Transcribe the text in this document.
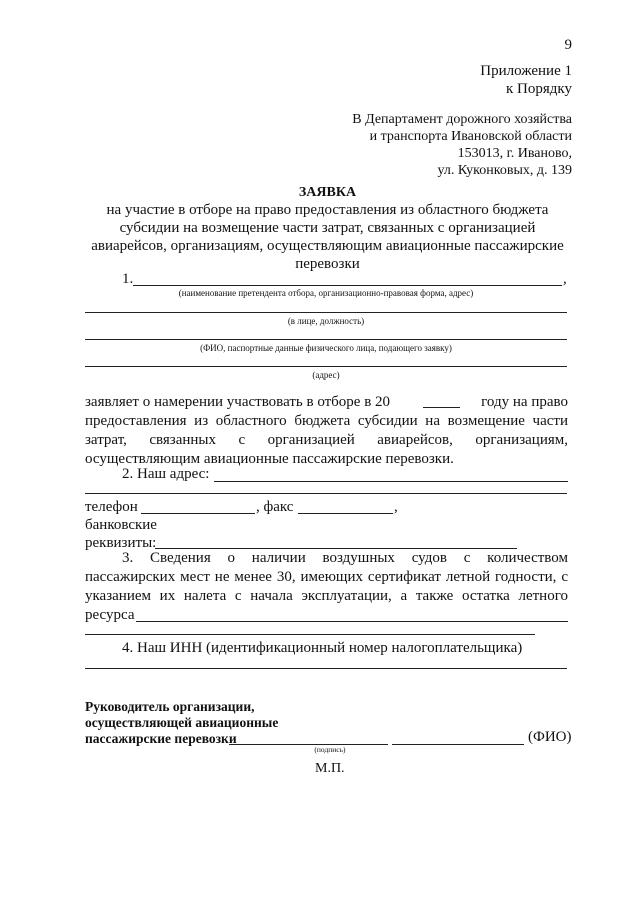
9
Приложение 1
к Порядку
В Департамент дорожного хозяйства
и транспорта Ивановской области
153013, г. Иваново,
ул. Куконковых, д. 139
ЗАЯВКА
на участие в отборе на право предоставления из областного бюджета
субсидии на возмещение части затрат, связанных с организацией
авиарейсов, организациям, осуществляющим авиационные пассажирские
перевозки
1.	,
(наименование претендента отбора, организационно-правовая форма, адрес)
(в лице, должность)
(ФИО, паспортные данные физического лица, подающего заявку)
(адрес)
заявляет о намерении участвовать в отборе в 20	году на право
предоставления из областного бюджета субсидии на возмещение части
затрат, связанных с организацией авиарейсов, организациям,
осуществляющим авиационные пассажирские перевозки.
2. Наш адрес:
телефон	, факс	,
банковские
реквизиты:
3. Сведения о наличии воздушных судов с количеством
пассажирских мест не менее 30, имеющих сертификат летной годности, с
указанием их налета с начала эксплуатации, а также остатка летного
ресурса
4. Наш ИНН (идентификационный номер налогоплательщика)
Руководитель организации,
осуществляющей авиационные
пассажирские перевозки	(ФИО)
(подпись)
М.П.
